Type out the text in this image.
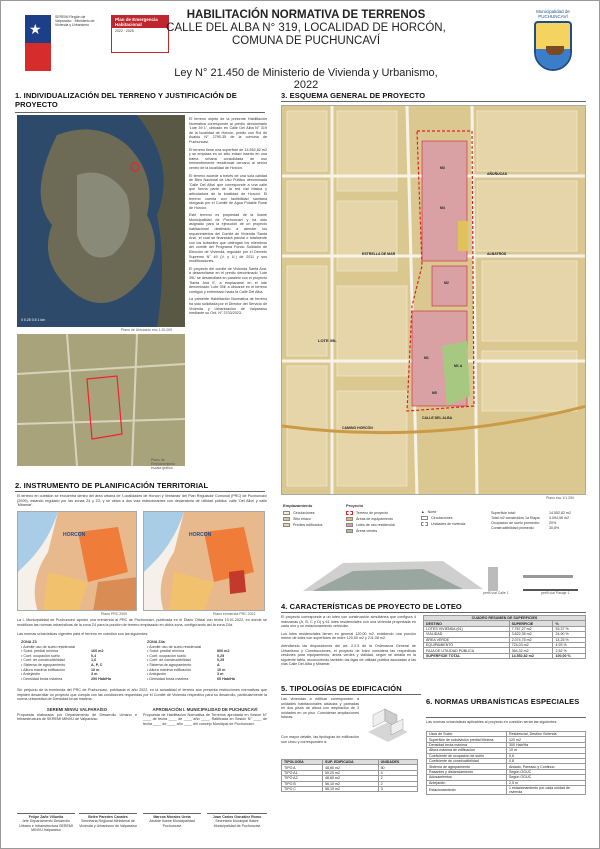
★
SEREMI Región de Valparaíso · Ministerio de Vivienda y Urbanismo
Plan de Emergencia Habitacional
2022 · 2025
HABILITACIÓN NORMATIVA DE TERRENOS
CALLE DEL ALBA N° 319, LOCALIDAD DE HORCÓN,
COMUNA DE PUCHUNCAVÍ
Ley N° 21.450 de Ministerio de Vivienda y Urbanismo, 2022
Municipalidad de PUCHUNCAVÍ
1. INDIVIDUALIZACIÓN DEL TERRENO Y JUSTIFICACIÓN DE PROYECTO
0 0.25 0.5 1 km
Plano de Ubicación esc 1:20.000
Plano de Emplazamiento escala gráfica

El terreno objeto de la presente Habilitación Normativa corresponde al predio denominado 'Lote 39 L', ubicado en Calle Del Alba N° 319 de la localidad de Horcón, predio con Rol de Avalúo N° 2790-35 de la comuna de Puchuncaví.

El terreno tiene una superficie de 14.552,82 m2 y se emplaza en un sitio eriazo inserto en una trama urbana consolidada de uso eminentemente residencial cercano al sector centro de la localidad de Horcón.

El terreno accede a través de una sola calidad de Bien Nacional de Uso Público denominada 'Calle Del Alba' que corresponde a una calle que forma parte de la red vial básica y articuladora de la localidad de Horcón. El terreno cuenta con factibilidad sanitaria otorgada por el Comité de Agua Potable Rural de Horcón.

Este terreno es propiedad de la Ilustre Municipalidad de Puchuncaví y ha sido asignado para la ejecución de un proyecto habitacional destinado a atender los requerimientos del Comité de Vivienda 'Santa Ana', el cual se financiará parcial o totalmente con los subsidios que obtengan los miembros del comité del Programa Fondo Solidario de Elección de Vivienda, regulado por el Decreto Supremo N° 49 (V. y U.) de 2011 y sus modificaciones.

El proyecto del comité de Vivienda Santa Ana, a desarrollarse en el predio denominado 'Lote 39L' se desarrollará en paralelo con el proyecto 'Santa Ana II', a emplazarse en el lote denominado 'Lote 39k' a ubicarse en el terreno contiguo y enfrentado hacia la Calle Del Alba.

La presente Habilitación Normativa de terreno ha sido solicitada por el Director del Servicio de Vivienda y Urbanización de Valparaíso mediante su Ord. N° 3703/2023.

2. INSTRUMENTO DE PLANIFICACIÓN TERRITORIAL
El terreno en cuestión se encuentra dentro del área urbana de 'Localidades de Horcón y Ventanas' del Plan Regulador Comunal (PRC) de Puchuncaví (2009), estando regulado por las zonas Z4 y Z3, y se ubica a dos vías estructurantes con declaratoria de utilidad pública: calle 'Del Alba' y calle 'Miramar'.
HORCON
Plano PRC 2009
HORCON
Plano enmienda PRC 2022
La I. Municipalidad de Puchuncaví aprobó una enmienda al PRC de Puchuncaví, publicada en el Diario Oficial con fecha 10.01.2022, en donde se modifican las normas urbanísticas de la zona Z4 para la porción de terreno emplazado en dicha zona, configurando así la zona Z4a.
Las normas urbanísticas vigentes para el terreno en cuestión son las siguientes:
ZONA Z3
• Admite uso de suelo residencial
• Subd. predial mínima	160 m2
• Coef. ocupación suelo	0,4
• Coef. de constructibilidad	1,6
• Sistema de agrupamiento	A, P, C
• Altura máxima edificación	10 m
• Antejardín	3 m
• Densidad bruta máxima	200 Hab/Ha
ZONA Z4a
• Admite uso de suelo residencial
• Subd. predial mínima	800 m2
• Coef. ocupación suelo	0,25
• Coef. de constructibilidad	0,25
• Sistema de agrupamiento	A
• Altura máxima edificación	10 m
• Antejardín	3 m
• Densidad bruta máxima	60 Hab/Ha
Sin perjuicio de la enmienda del PRC de Puchuncaví, publicada el año 2022, en la actualidad el terreno aún presenta restricciones normativas que impiden desarrollar un proyecto que cumpla con las condiciones requeridas por el Comité de Vivienda respectivo para su desarrollo, particularmente la norma urbanística de Densidad bruta máxima.
SEREMI MINVU VALPARAÍSO
Propuesta elaborada por Departamento de Desarrollo Urbano e Infraestructura de SEREMI MINVU de Valparaíso
APROBACIÓN I. MUNICIPALIDAD DE PUCHUNCAVÍ
Propuesta de Habilitación Normativa de Terrenos aprobada en Sesión N° ____ de fecha ____ de ____ año ____, Ratificada en Sesión N° ____ de fecha ____ de ____ año ____ del concejo Municipal de Puchuncaví.
Felipe Zañe Villueña
Jefe Departamento Desarrollo Urbano e Infraestructura SEREMI MINVU Valparaíso
Belén Paredes Canales
Secretaria Regional Ministerial de Vivienda y Urbanismo de Valparaíso
Marcos Morales Ureta
Alcalde Ilustre Municipalidad Puchuncaví
Juan Carlos González Romo
Secretario Municipal Ilustre Municipalidad de Puchuncaví
3. ESQUEMA GENERAL DE PROYECTO
LOTE 39L
AÑUÑUCAS
ALBATROS
ESTRELLA DE MAR
CALLE DEL ALBA
CAMINO HORCÓN
M3
M4
M2
M1
M1 A
M5
Plano esc 1/1.250
Emplazamiento
Circulaciones
Sitio eriazo
Predios edificados
Proyecto
Terreno de proyecto
Áreas de equipamiento
Lotes de uso residencial
Áreas verdes
▲ Norte
Circulaciones
Unidades de vivienda
Superficie total:	14.552,82 m2
Total m2 construidos 1a Etapa:	3.094,56 m2
Ocupación de suelo promedio:	20%
Constructibilidad promedio:	30,8%
perfil vial Calle 1	perfil vial Pasaje 1
4. CARACTERÍSTICAS DE PROYECTO DE LOTEO

El proyecto corresponde a un loteo con construcción simultánea que configura 4 manzanas (A, B, C y D) y 61 lotes residenciales con una vivienda proyectada en cada uno y un estacionamiento vehicular.

Los lotes residenciales tienen en general 120,00 m2, existiendo una porción menor de lotes con superficies de entre 120,50 m2 y 211,08 m2.

Atendiendo las disposiciones del art. 2.2.5 de la Ordenanza General de Urbanismo y Construcciones, el proyecto de loteo considera las respectivas cesiones para equipamiento, áreas verdes y vialidad, según se detalla en la siguiente tabla, reconociendo también las fajas de utilidad pública asociadas a las vías Calle Del Alba y Miramar.

CUADRO RESUMEN DE SUPERFICIES		
DESTINO	SUPERFICIE	%
LOTES VIVIENDA (61)	7.767,27 m2	53,37 %
VIALIDAD	3.622,35 m2	24,90 %
ÁREA VERDE	2.074,75 m2	14,25 %
EQUIPAMIENTO	724,03 m2	4,93 %
FAJA DE UTILIDAD PÚBLICA	364,32 m2	2,52 %
SUPERFICIE TOTAL	14.552,82 m2	100,00 %
5. TIPOLOGÍAS DE EDIFICACIÓN
Las viviendas a edificar corresponden a unidades habitacionales aisladas y pareadas en dos pisos de altura con ampliación de 3 unidades en un piso. Consideran ampliaciones futuras.
Con mayor detalle, las tipologías de edificación son cinco y corresponden a:
TIPOLOGÍA	SUP. EDIFICADA	UNIDADES
TIPO A	48,60 m2	50
TIPO A1	50,20 m2	4
TIPO A2	48,60 m2	2
TIPO B	56,10 m2	2
TIPO C	58,10 m2	3
6. NORMAS URBANÍSTICAS ESPECIALES
Las normas urbanísticas aplicables al proyecto en cuestión serán las siguientes:
Usos de Suelo	Residencial, Destino Vivienda
Superficie de subdivisión predial Mínima	120 m2
Densidad bruta máxima	300 Hab/Ha
Altura máxima de edificación	10 m
Coeficiente de ocupación de suelo	0,6
Coeficiente de constructibilidad	0,8
Sistema de agrupamiento	Aislado, Pareado y Continuo
Rasantes y distanciamiento	Según OGUC
Adosamientos	Según OGUC
Antejardín	2,5 m
Estacionamiento	1 estacionamiento por cada unidad de vivienda
